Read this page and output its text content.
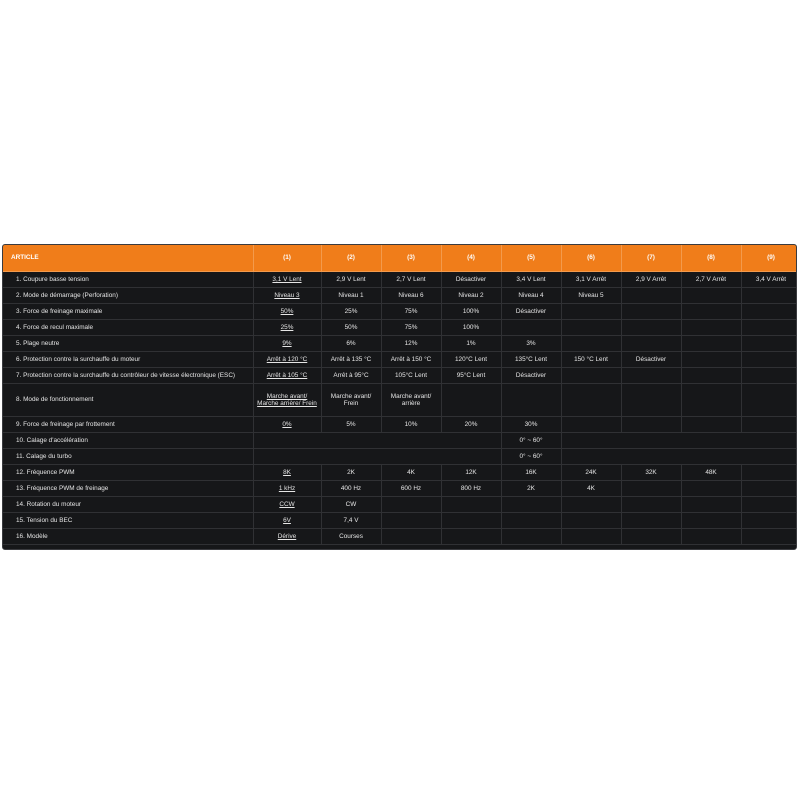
ARTICLE	(1)	(2)	(3)	(4)	(5)	(6)	(7)	(8)	(9)
1. Coupure basse tension	3,1 V Lent	2,9 V Lent	2,7 V Lent	Désactiver	3,4 V Lent	3,1 V Arrêt	2,9 V Arrêt	2,7 V Arrêt	3,4 V Arrêt
2. Mode de démarrage (Perforation)	Niveau 3	Niveau 1	Niveau 6	Niveau 2	Niveau 4	Niveau 5			
3. Force de freinage maximale	50%	25%	75%	100%	Désactiver				
4. Force de recul maximale	25%	50%	75%	100%					
5. Plage neutre	9%	6%	12%	1%	3%				
6. Protection contre la surchauffe du moteur	Arrêt à 120 °C	Arrêt à 135 °C	Arrêt à 150 °C	120°C Lent	135°C Lent	150 °C Lent	Désactiver		
7. Protection contre la surchauffe du contrôleur de vitesse électronique (ESC)	Arrêt à 105 °C	Arrêt à 95°C	105°C Lent	95°C Lent	Désactiver				
8. Mode de fonctionnement	Marche avant/ Marche arrière/ Frein	Marche avant/ Frein	Marche avant/ arrière						
9. Force de freinage par frottement	0%	5%	10%	20%	30%				
10. Calage d'accélération					0° ~ 60°				
11. Calage du turbo					0° ~ 60°				
12. Fréquence PWM	8K	2K	4K	12K	16K	24K	32K	48K	
13. Fréquence PWM de freinage	1 kHz	400 Hz	600 Hz	800 Hz	2K	4K			
14. Rotation du moteur	CCW	CW							
15. Tension du BEC	6V	7,4 V							
16. Modèle	Dérive	Courses							
